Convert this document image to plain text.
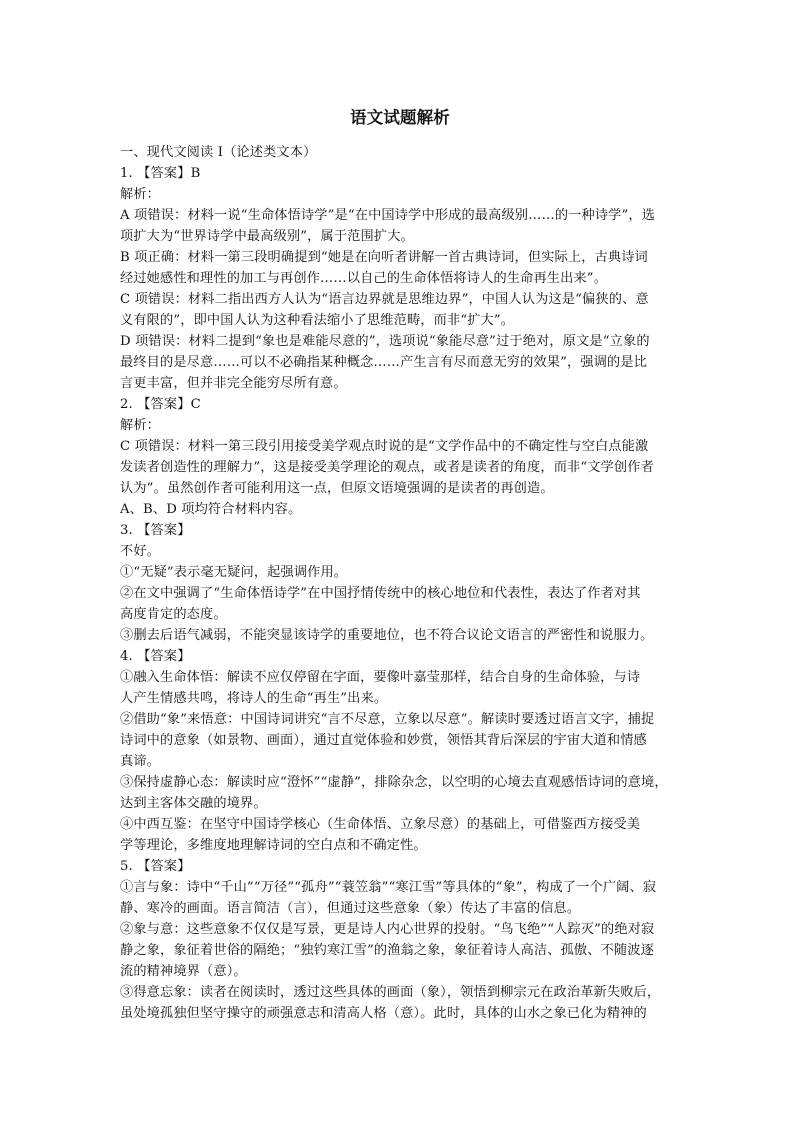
语文试题解析
一、现代文阅读 I（论述类文本）
1. 【答案】B
解析：
A 项错误：材料一说“生命体悟诗学”是“在中国诗学中形成的最高级别……的一种诗学”，选
项扩大为“世界诗学中最高级别”，属于范围扩大。
B 项正确：材料一第三段明确提到“她是在向听者讲解一首古典诗词，但实际上，古典诗词
经过她感性和理性的加工与再创作……以自己的生命体悟将诗人的生命再生出来”。
C 项错误：材料二指出西方人认为“语言边界就是思维边界”，中国人认为这是“偏狭的、意
义有限的”，即中国人认为这种看法缩小了思维范畴，而非“扩大”。
D 项错误：材料二提到“象也是难能尽意的”，选项说“象能尽意”过于绝对，原文是“立象的
最终目的是尽意……可以不必确指某种概念……产生言有尽而意无穷的效果”，强调的是比
言更丰富，但并非完全能穷尽所有意。
2. 【答案】C
解析：
C 项错误：材料一第三段引用接受美学观点时说的是“文学作品中的不确定性与空白点能激
发读者创造性的理解力”，这是接受美学理论的观点，或者是读者的角度，而非“文学创作者
认为”。虽然创作者可能利用这一点，但原文语境强调的是读者的再创造。
A、B、D 项均符合材料内容。
3. 【答案】
不好。
①“无疑”表示毫无疑问，起强调作用。
②在文中强调了“生命体悟诗学”在中国抒情传统中的核心地位和代表性，表达了作者对其
高度肯定的态度。
③删去后语气减弱，不能突显该诗学的重要地位，也不符合议论文语言的严密性和说服力。
4. 【答案】
①融入生命体悟：解读不应仅停留在字面，要像叶嘉莹那样，结合自身的生命体验，与诗
人产生情感共鸣，将诗人的生命“再生”出来。
②借助“象”来悟意：中国诗词讲究“言不尽意，立象以尽意”。解读时要透过语言文字，捕捉
诗词中的意象（如景物、画面），通过直觉体验和妙赏，领悟其背后深层的宇宙大道和情感
真谛。
③保持虚静心态：解读时应“澄怀”“虚静”，排除杂念，以空明的心境去直观感悟诗词的意境，
达到主客体交融的境界。
④中西互鉴：在坚守中国诗学核心（生命体悟、立象尽意）的基础上，可借鉴西方接受美
学等理论，多维度地理解诗词的空白点和不确定性。
5. 【答案】
①言与象：诗中“千山”“万径”“孤舟”“蓑笠翁”“寒江雪”等具体的“象”，构成了一个广阔、寂
静、寒冷的画面。语言简洁（言），但通过这些意象（象）传达了丰富的信息。
②象与意：这些意象不仅仅是写景，更是诗人内心世界的投射。“鸟飞绝”“人踪灭”的绝对寂
静之象，象征着世俗的隔绝；“独钓寒江雪”的渔翁之象，象征着诗人高洁、孤傲、不随波逐
流的精神境界（意）。
③得意忘象：读者在阅读时，透过这些具体的画面（象），领悟到柳宗元在政治革新失败后，
虽处境孤独但坚守操守的顽强意志和清高人格（意）。此时，具体的山水之象已化为精神的
